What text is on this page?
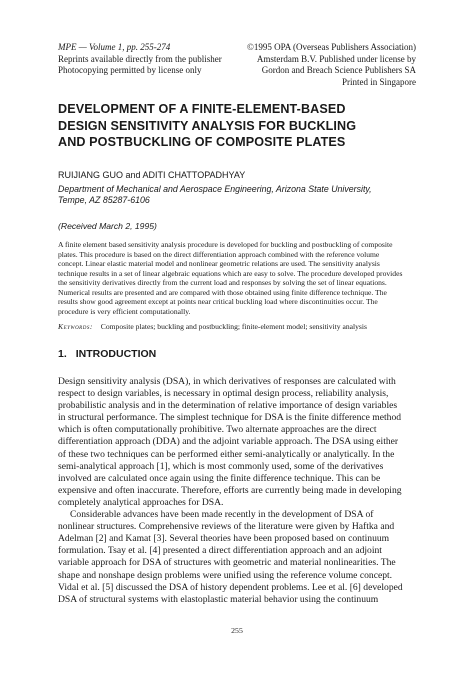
MPE — Volume 1, pp. 255-274
Reprints available directly from the publisher
Photocopying permitted by license only
©1995 OPA (Overseas Publishers Association)
Amsterdam B.V. Published under license by
Gordon and Breach Science Publishers SA
Printed in Singapore
DEVELOPMENT OF A FINITE-ELEMENT-BASED
DESIGN SENSITIVITY ANALYSIS FOR BUCKLING
AND POSTBUCKLING OF COMPOSITE PLATES
RUIJIANG GUO and ADITI CHATTOPADHYAY
Department of Mechanical and Aerospace Engineering, Arizona State University,
Tempe, AZ 85287-6106
(Received March 2, 1995)
A finite element based sensitivity analysis procedure is developed for buckling and postbuckling of composite
plates. This procedure is based on the direct differentiation approach combined with the reference volume
concept. Linear elastic material model and nonlinear geometric relations are used. The sensitivity analysis
technique results in a set of linear algebraic equations which are easy to solve. The procedure developed provides
the sensitivity derivatives directly from the current load and responses by solving the set of linear equations.
Numerical results are presented and are compared with those obtained using finite difference technique. The
results show good agreement except at points near critical buckling load where discontinuities occur. The
procedure is very efficient computationally.
Keywords: Composite plates; buckling and postbuckling; finite-element model; sensitivity analysis
1. INTRODUCTION
Design sensitivity analysis (DSA), in which derivatives of responses are calculated with
respect to design variables, is necessary in optimal design process, reliability analysis,
probabilistic analysis and in the determination of relative importance of design variables
in structural performance. The simplest technique for DSA is the finite difference method
which is often computationally prohibitive. Two alternate approaches are the direct
differentiation approach (DDA) and the adjoint variable approach. The DSA using either
of these two techniques can be performed either semi-analytically or analytically. In the
semi-analytical approach [1], which is most commonly used, some of the derivatives
involved are calculated once again using the finite difference technique. This can be
expensive and often inaccurate. Therefore, efforts are currently being made in developing
completely analytical approaches for DSA.
Considerable advances have been made recently in the development of DSA of
nonlinear structures. Comprehensive reviews of the literature were given by Haftka and
Adelman [2] and Kamat [3]. Several theories have been proposed based on continuum
formulation. Tsay et al. [4] presented a direct differentiation approach and an adjoint
variable approach for DSA of structures with geometric and material nonlinearities. The
shape and nonshape design problems were unified using the reference volume concept.
Vidal et al. [5] discussed the DSA of history dependent problems. Lee et al. [6] developed
DSA of structural systems with elastoplastic material behavior using the continuum
255
